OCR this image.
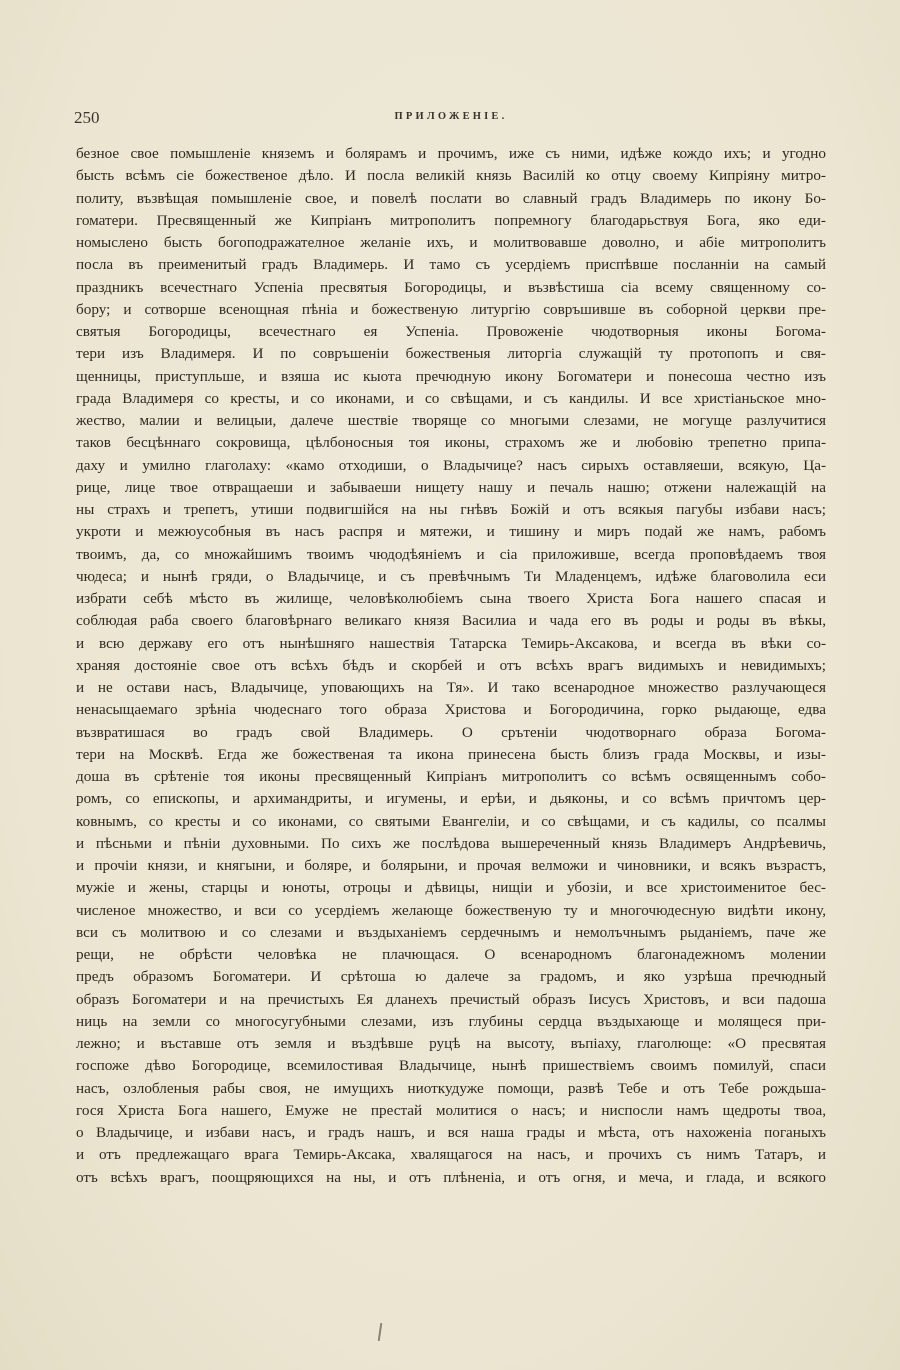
250	ПРИЛОЖЕНІЕ.
безное свое помышленіе княземъ и болярамъ и прочимъ, иже съ ними, идѣже кождо ихъ; и угодно
бысть всѣмъ сіе божественое дѣло. И посла великій князь Василій ко отцу своему Кипріяну митро-
политу, възвѣщая помышленіе свое, и повелѣ послати во славный градъ Владимерь по икону Бо-
гоматери. Пресвященный же Кипріанъ митрополитъ попремногу благодарьствуя Бога, яко еди-
номыслено бысть богоподражателное желаніе ихъ, и молитвовавше доволно, и абіе митрополитъ
посла въ преименитый градъ Владимерь. И тамо съ усердіемъ приспѣвше посланніи на самый
праздникъ всечестнаго Успеніа пресвятыя Богородицы, и възвѣстиша сіа всему священному со-
бору; и сотворше всенощная пѣніа и божественую литургію совръшивше въ соборной церкви пре-
святыя Богородицы, всечестнаго ея Успеніа. Провоженіе чюдотворныя иконы Богома-
тери изъ Владимеря. И по совръшеніи божественыя литоргіа служащій ту протопопъ и свя-
щенницы, приступльше, и взяша ис кыота пречюдную икону Богоматери и понесоша честно изъ
града Владимеря со кресты, и со иконами, и со свѣщами, и съ кандилы. И все христіаньское мно-
жество, малии и велицыи, далече шествіе творяще со многыми слезами, не могуще разлучитися
таков бесцѣннаго сокровища, цѣлбоносныя тоя иконы, страхомъ же и любовію трепетно припа-
даху и умилно глаголаху: «камо отходиши, о Владычице? насъ сирыхъ оставляеши, всякую, Ца-
рице, лице твое отвращаеши и забываеши нищету нашу и печаль нашю; отжени належащій на
ны страхъ и трепетъ, утиши подвигшійся на ны гнѣвъ Божій и отъ всякыя пагубы избави насъ;
укроти и межюусобныя въ насъ распря и мятежи, и тишину и миръ подай же намъ, рабомъ
твоимъ, да, со множайшимъ твоимъ чюдодѣяніемъ и сіа приложивше, всегда проповѣдаемъ твоя
чюдеса; и нынѣ гряди, о Владычице, и съ превѣчнымъ Ти Младенцемъ, идѣже благоволила еси
избрати себѣ мѣсто въ жилище, человѣколюбіемъ сына твоего Христа Бога нашего спасая и
соблюдая раба своего благовѣрнаго великаго князя Василиа и чада его въ роды и роды въ вѣкы,
и всю державу его отъ нынѣшняго нашествія Татарска Темирь-Аксакова, и всегда въ вѣки со-
храняя достояніе свое отъ всѣхъ бѣдъ и скорбей и отъ всѣхъ врагъ видимыхъ и невидимыхъ;
и не остави насъ, Владычице, уповающихъ на Тя». И тако всенародное множество разлучающеся
ненасыщаемаго зрѣніа чюдеснаго того образа Христова и Богородичина, горко рыдающе, едва
възвратишася во градъ свой Владимерь. О срътеніи чюдотворнаго образа Богома-
тери на Москвѣ. Егда же божественая та икона принесена бысть близъ града Москвы, и изы-
доша въ срѣтеніе тоя иконы пресвященный Кипріанъ митрополитъ со всѣмъ освященнымъ собо-
ромъ, со епископы, и архимандриты, и игумены, и ерѣи, и дьяконы, и со всѣмъ причтомъ цер-
ковнымъ, со кресты и со иконами, со святыми Евангеліи, и со свѣщами, и съ кадилы, со псалмы
и пѣсньми и пѣніи духовными. По сихъ же послѣдова вышереченный князь Владимеръ Андрѣевичь,
и прочіи князи, и княгыни, и боляре, и болярыни, и прочая велможи и чиновники, и всякъ възрастъ,
мужіе и жены, старцы и юноты, отроцы и дѣвицы, нищіи и убозіи, и все христоименитое бес-
численое множество, и вси со усердіемъ желающе божественую ту и многочюдесную видѣти икону,
вси съ молитвою и со слезами и въздыханіемъ сердечнымъ и немолъчнымъ рыданіемъ, паче же
рещи, не обрѣсти человѣка не плачющася. О всенародномъ благонадежномъ молении
предъ образомъ Богоматери. И срѣтоша ю далече за градомъ, и яко узрѣша пречюдный
образъ Богоматери и на пречистыхъ Ея дланехъ пречистый образъ Іисусъ Христовъ, и вси падоша
ниць на земли со многосугубными слезами, изъ глубины сердца въздыхающе и молящеся при-
лежно; и въставше отъ земля и въздѣвше руцѣ на высоту, въпіаху, глаголюще: «О пресвятая
госпоже дѣво Богородице, всемилостивая Владычице, нынѣ пришествіемъ своимъ помилуй, спаси
насъ, озлобленыя рабы своя, не имущихъ ниоткудуже помощи, развѣ Тебе и отъ Тебе рождьша-
гося Христа Бога нашего, Емуже не престай молитися о насъ; и ниспосли намъ щедроты твоа,
о Владычице, и избави насъ, и градъ нашъ, и вся наша грады и мѣста, отъ нахоженіа поганыхъ
и отъ предлежащаго врага Темирь-Аксака, хвалящагося на насъ, и прочихъ съ нимъ Татаръ, и
отъ всѣхъ врагъ, поощряющихся на ны, и отъ плѣненіа, и отъ огня, и меча, и глада, и всякого
